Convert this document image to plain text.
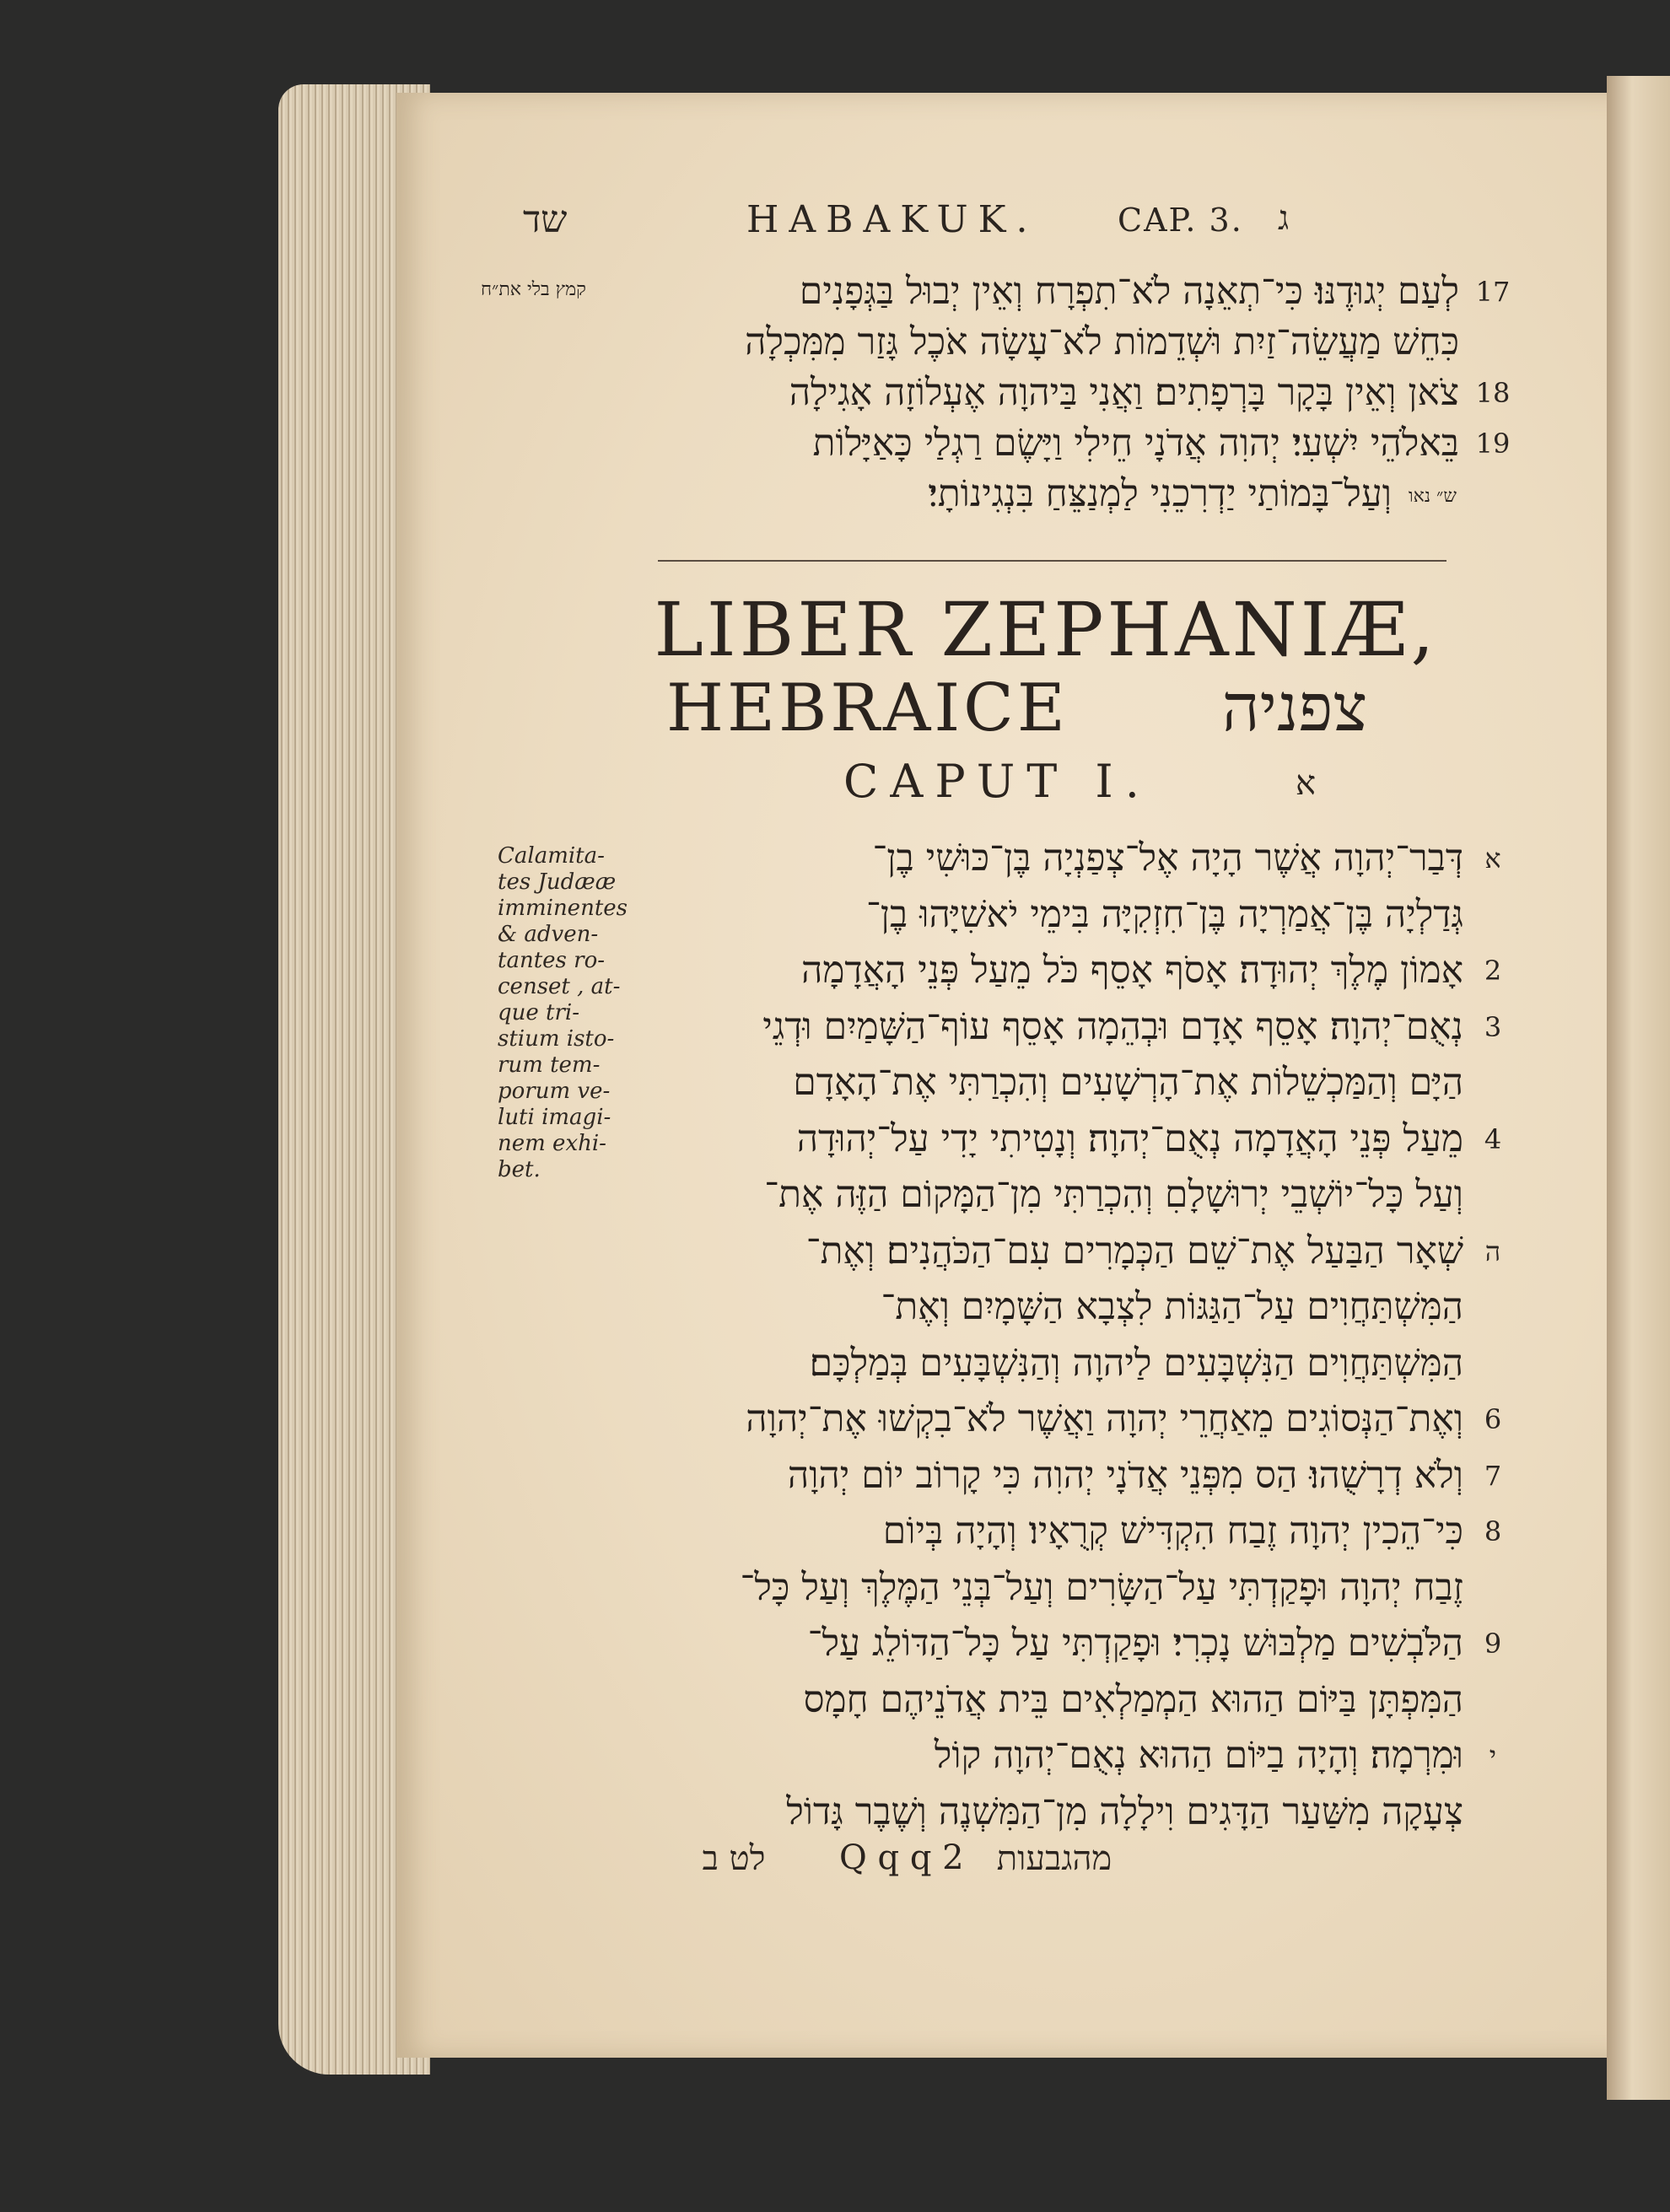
שד	HABAKUK. CAP. 3. ג
קמץ בלי את״ח	17
לְעַם יְגוּדֶנּוּ׃ כִּי־תְאֵנָה לֹא־תִפְרָח וְאֵין יְבוּל בַּגְּפָנִים
כִּחֵשׁ מַעֲשֵׂה־זַיִת וּשְׁדֵמוֹת לֹא־עָשָׂה אֹכֶל גָּזַר מִמִּכְלָה
18
צֹאן וְאֵין בָּקָר בָּרְפָתִים׃ וַאֲנִי בַּיהוָה אֶעְלוֹזָה אָגִילָה
19
בֵּאלֹהֵי יִשְׁעִי׃ יְהוִה אֲדֹנָי חֵילִי וַיָּשֶׂם רַגְלַי כָּאַיָּלוֹת
ש״ נאו
וְעַל־בָּמוֹתַי יַדְרִכֵנִי לַמְנַצֵּחַ בִּנְגִינוֹתָי׃
LIBER ZEPHANIÆ,
HEBRAICE	צפניה
CAPUT I.	א
Calamita-
tes Judææ
imminentes
& adven-
tantes ro-
censet , at-
que tri-
stium isto-
rum tem-
porum ve-
luti imagi-
nem exhi-
bet.
א
דְּבַר־יְהוָה אֲשֶׁר הָיָה אֶל־צְפַנְיָה בֶּן־כּוּשִׁי בֶן־
גְּדַלְיָה בֶּן־אֲמַרְיָה בֶּן־חִזְקִיָּה בִּימֵי יֹאשִׁיָּהוּ בֶן־
2
אָמוֹן מֶלֶךְ יְהוּדָה׃ אָסֹף אָסֵף כֹּל מֵעַל פְּנֵי הָאֲדָמָה
3
נְאֻם־יְהוָה׃ אָסֵף אָדָם וּבְהֵמָה אָסֵף עוֹף־הַשָּׁמַיִם וּדְגֵי
הַיָּם וְהַמַּכְשֵׁלוֹת אֶת־הָרְשָׁעִים וְהִכְרַתִּי אֶת־הָאָדָם
4
מֵעַל פְּנֵי הָאֲדָמָה נְאֻם־יְהוָה׃ וְנָטִיתִי יָדִי עַל־יְהוּדָה
וְעַל כָּל־יוֹשְׁבֵי יְרוּשָׁלָםִ וְהִכְרַתִּי מִן־הַמָּקוֹם הַזֶּה אֶת־
ה
שְׁאָר הַבַּעַל אֶת־שֵׁם הַכְּמָרִים עִם־הַכֹּהֲנִים׃ וְאֶת־
הַמִּשְׁתַּחֲוִים עַל־הַגַּגּוֹת לִצְבָא הַשָּׁמָיִם וְאֶת־
הַמִּשְׁתַּחֲוִים הַנִּשְׁבָּעִים לַיהוָה וְהַנִּשְׁבָּעִים בְּמַלְכָּם׃
6
וְאֶת־הַנְּסוֹגִים מֵאַחֲרֵי יְהוָה וַאֲשֶׁר לֹא־בִקְשׁוּ אֶת־יְהוָה
7
וְלֹא דְרָשֻׁהוּ׃ הַס מִפְּנֵי אֲדֹנָי יְהוִה כִּי קָרוֹב יוֹם יְהוָה
8
כִּי־הֵכִין יְהוָה זֶבַח הִקְדִּישׁ קְרֻאָיו׃ וְהָיָה בְּיוֹם
זֶבַח יְהוָה וּפָקַדְתִּי עַל־הַשָּׂרִים וְעַל־בְּנֵי הַמֶּלֶךְ וְעַל כָּל־
9
הַלֹּבְשִׁים מַלְבּוּשׁ נָכְרִי׃ וּפָקַדְתִּי עַל כָּל־הַדּוֹלֵג עַל־
הַמִּפְתָּן בַּיּוֹם הַהוּא הַמְמַלְאִים בֵּית אֲדֹנֵיהֶם חָמָס
י
וּמִרְמָה׃ וְהָיָה בַיּוֹם הַהוּא נְאֻם־יְהוָה קוֹל
צְעָקָה מִשַּׁעַר הַדָּגִים וִילָלָה מִן־הַמִּשְׁנֶה וְשֶׁבֶר גָּדוֹל
לט ב	Q q q 2 מהגבעות
